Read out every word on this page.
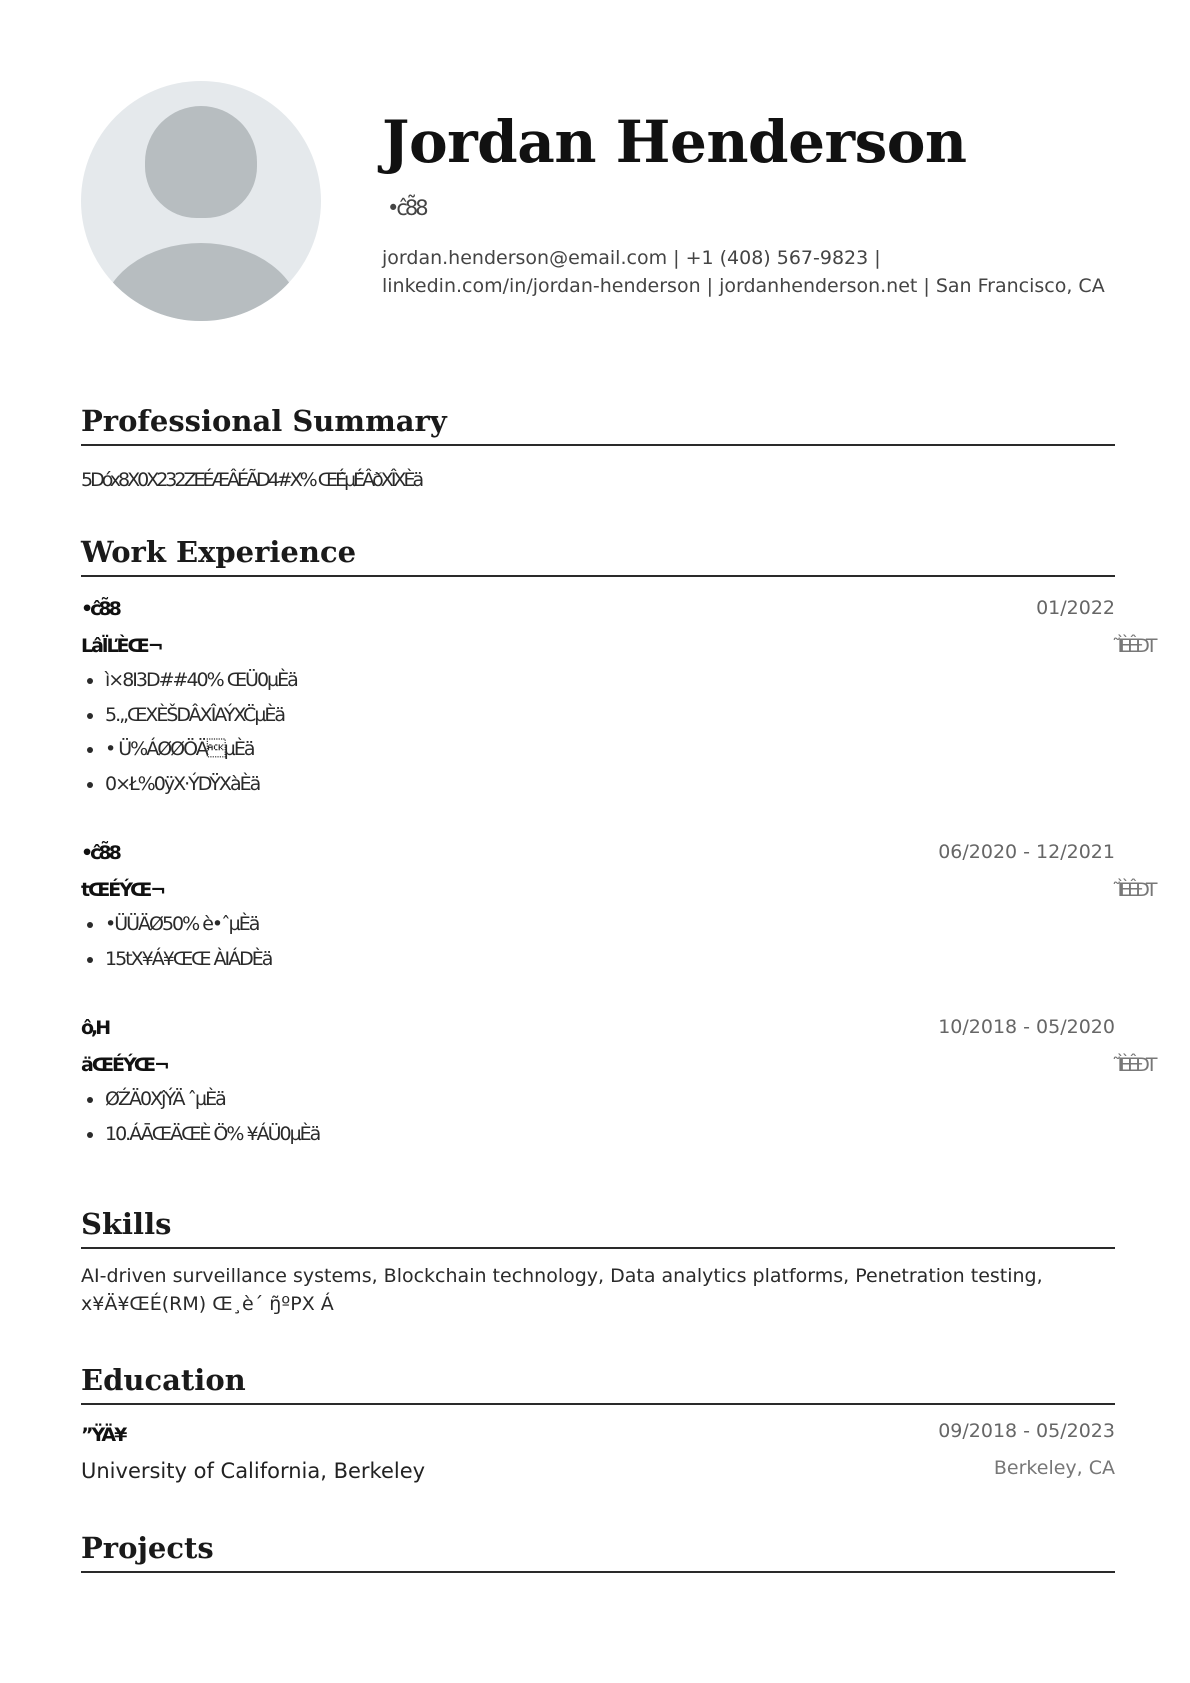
Jordan Henderson
•ĉ8̃8
jordan.henderson@email.com | +1 (408) 567-9823 |
linkedin.com/in/jordan-henderson | jordanhenderson.net | San Francisco, CA
Professional Summary
5Dóx8X0X232ZEÉÆÂÉÃD4#X% ŒÉ̂µÉ̂ÂðXÎXÈä
Work Experience
•ĉ8̃8	01/2022
Lâl̈ĽÈŒ¬	˜ÌÈÊÐT
• ì×8I3D##40% ŒÜ0µÈä
• 5.„ŒXÈŠDÂXÎAÝXC̈µÈä
• • Ü%ÁØØÖÄµÈä
• 0×Ł%0ÿX·ÝDŸXàÈä
•ĉ8̃8	06/2020 - 12/2021
tŒÉÝŒ¬	˜ÌÈÊÐT
• •ÜÜÄØ50% è•ˆµÈä
• 15tX¥Á¥ŒŒ ÀIÁDÈä
ô,H	10/2018 - 05/2020
äŒÉÝŒ¬	˜ÌÈÊÐT
• ØŹÄ0XĵÝÄ ˆµÈä
• 10.ÁĀŒÄŒÈ Ö% ¥ÁÜ0µÈä
Skills
AI-driven surveillance systems, Blockchain technology, Data analytics platforms, Penetration testing, x¥Ä¥ŒÉ(RM) Œ¸è´ ŋ̃ºPX Á
Education
”ŸÄ¥	09/2018 - 05/2023
University of California, Berkeley	Berkeley, CA
Projects
